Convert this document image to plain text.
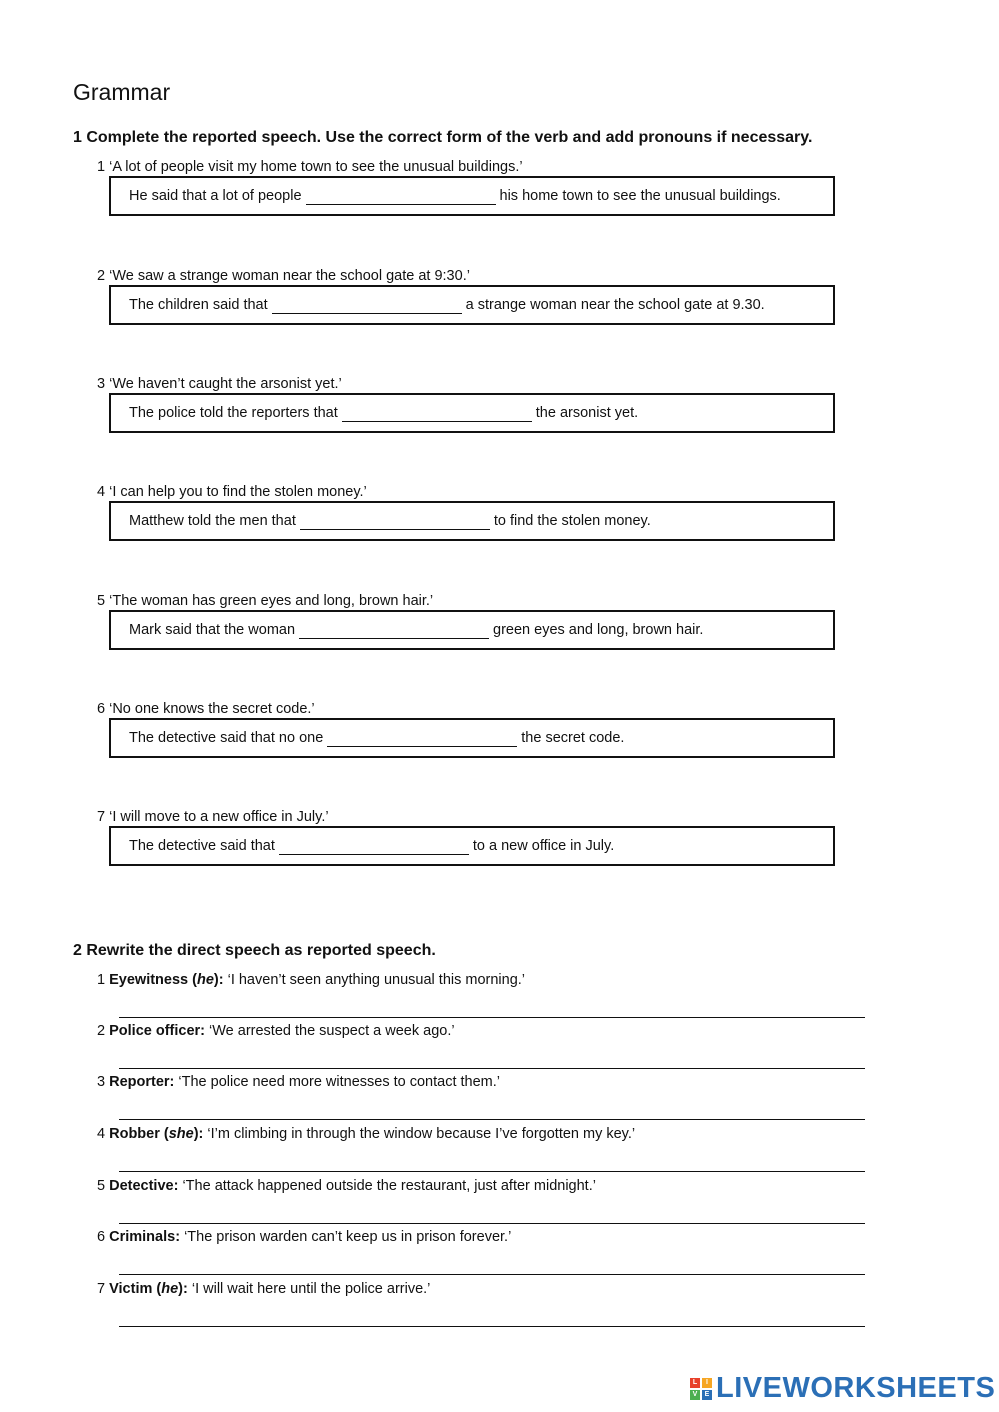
Grammar
1 Complete the reported speech. Use the correct form of the verb and add pronouns if necessary.
1 ‘A lot of people visit my home town to see the unusual buildings.’
He said that a lot of people	his home town to see the unusual buildings.
2 ‘We saw a strange woman near the school gate at 9:30.’
The children said that	a strange woman near the school gate at 9.30.
3 ‘We haven’t caught the arsonist yet.’
The police told the reporters that	the arsonist yet.
4 ‘I can help you to find the stolen money.’
Matthew told the men that	to find the stolen money.
5 ‘The woman has green eyes and long, brown hair.’
Mark said that the woman	green eyes and long, brown hair.
6 ‘No one knows the secret code.’
The detective said that no one	the secret code.
7 ‘I will move to a new office in July.’
The detective said that	to a new office in July.
2 Rewrite the direct speech as reported speech.
1 Eyewitness (he): ‘I haven’t seen anything unusual this morning.’
2 Police officer: ‘We arrested the suspect a week ago.’
3 Reporter: ‘The police need more witnesses to contact them.’
4 Robber (she): ‘I’m climbing in through the window because I’ve forgotten my key.’
5 Detective: ‘The attack happened outside the restaurant, just after midnight.’
6 Criminals: ‘The prison warden can’t keep us in prison forever.’
7 Victim (he): ‘I will wait here until the police arrive.’
L	I
V	E LIVEWORKSHEETS
